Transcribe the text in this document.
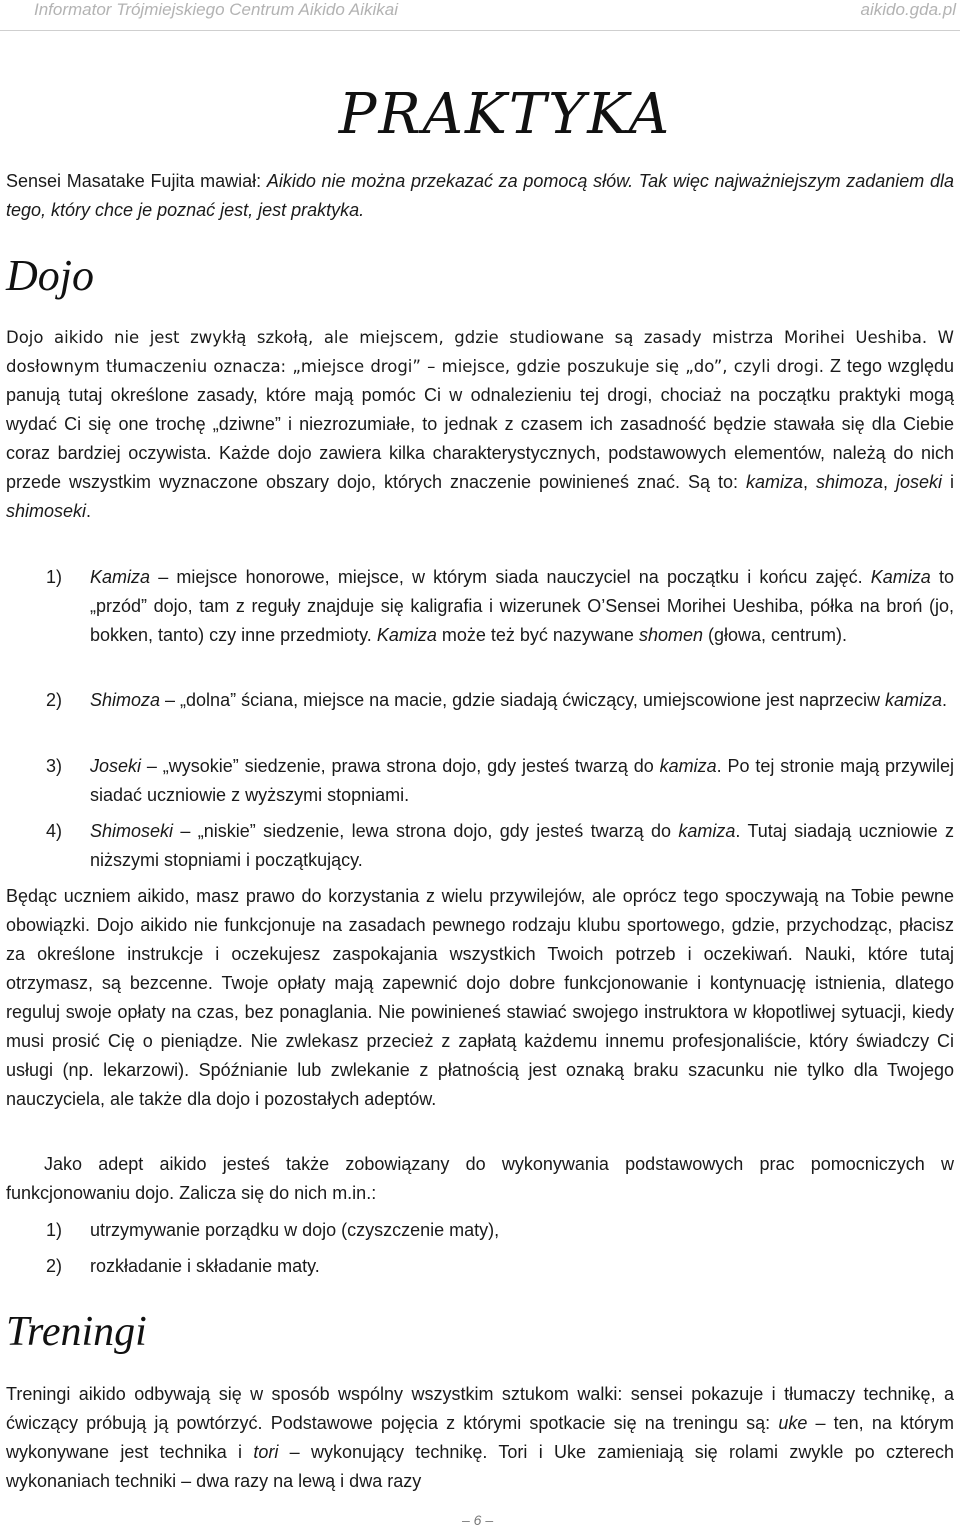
Informator Trójmiejskiego Centrum Aikido Aikikai	aikido.gda.pl
PRAKTYKA

Sensei Masatake Fujita mawiał: Aikido nie można przekazać za pomocą słów. Tak więc najważniejszym zadaniem dla tego, który chce je poznać jest, jest praktyka.

Dojo

Dojo aikido nie jest zwykłą szkołą, ale miejscem, gdzie studiowane są zasady mistrza Morihei Ueshiba. W dosłownym tłumaczeniu oznacza: „miejsce drogi” – miejsce, gdzie poszukuje się „do”, czyli drogi. Z tego względu panują tutaj określone zasady, które mają pomóc Ci w odnalezieniu tej drogi, chociaż na początku praktyki mogą wydać Ci się one trochę „dziwne” i niezrozumiałe, to jednak z czasem ich zasadność będzie stawała się dla Ciebie coraz bardziej oczywista. Każde dojo zawiera kilka charakterystycznych, podstawowych elementów, należą do nich przede wszystkim wyznaczone obszary dojo, których znaczenie powinieneś znać. Są to: kamiza, shimoza, joseki i shimoseki.

1) Kamiza – miejsce honorowe, miejsce, w którym siada nauczyciel na początku i końcu zajęć. Kamiza to „przód” dojo, tam z reguły znajduje się kaligrafia i wizerunek O’Sensei Morihei Ueshiba, półka na broń (jo, bokken, tanto) czy inne przedmioty. Kamiza może też być nazywane shomen (głowa, centrum).
2) Shimoza – „dolna” ściana, miejsce na macie, gdzie siadają ćwiczący, umiejscowione jest naprzeciw kamiza.
3) Joseki – „wysokie” siedzenie, prawa strona dojo, gdy jesteś twarzą do kamiza. Po tej stronie mają przywilej siadać uczniowie z wyższymi stopniami.
4) Shimoseki – „niskie” siedzenie, lewa strona dojo, gdy jesteś twarzą do kamiza. Tutaj siadają uczniowie z niższymi stopniami i początkujący.

Będąc uczniem aikido, masz prawo do korzystania z wielu przywilejów, ale oprócz tego spoczywają na Tobie pewne obowiązki. Dojo aikido nie funkcjonuje na zasadach pewnego rodzaju klubu sportowego, gdzie, przychodząc, płacisz za określone instrukcje i oczekujesz zaspokajania wszystkich Twoich potrzeb i oczekiwań. Nauki, które tutaj otrzymasz, są bezcenne. Twoje opłaty mają zapewnić dojo dobre funkcjonowanie i kontynuację istnienia, dlatego reguluj swoje opłaty na czas, bez ponaglania. Nie powinieneś stawiać swojego instruktora w kłopotliwej sytuacji, kiedy musi prosić Cię o pieniądze. Nie zwlekasz przecież z zapłatą każdemu innemu profesjonaliście, który świadczy Ci usługi (np. lekarzowi). Spóźnianie lub zwlekanie z płatnością jest oznaką braku szacunku nie tylko dla Twojego nauczyciela, ale także dla dojo i pozostałych adeptów.

Jako adept aikido jesteś także zobowiązany do wykonywania podstawowych prac pomocniczych w funkcjonowaniu dojo. Zalicza się do nich m.in.:

1) utrzymywanie porządku w dojo (czyszczenie maty),
2) rozkładanie i składanie maty.
Treningi

Treningi aikido odbywają się w sposób wspólny wszystkim sztukom walki: sensei pokazuje i tłumaczy technikę, a ćwiczący próbują ją powtórzyć. Podstawowe pojęcia z którymi spotkacie się na treningu są: uke – ten, na którym wykonywane jest technika i tori – wykonujący technikę. Tori i Uke zamieniają się rolami zwykle po czterech wykonaniach techniki – dwa razy na lewą i dwa razy

– 6 –
